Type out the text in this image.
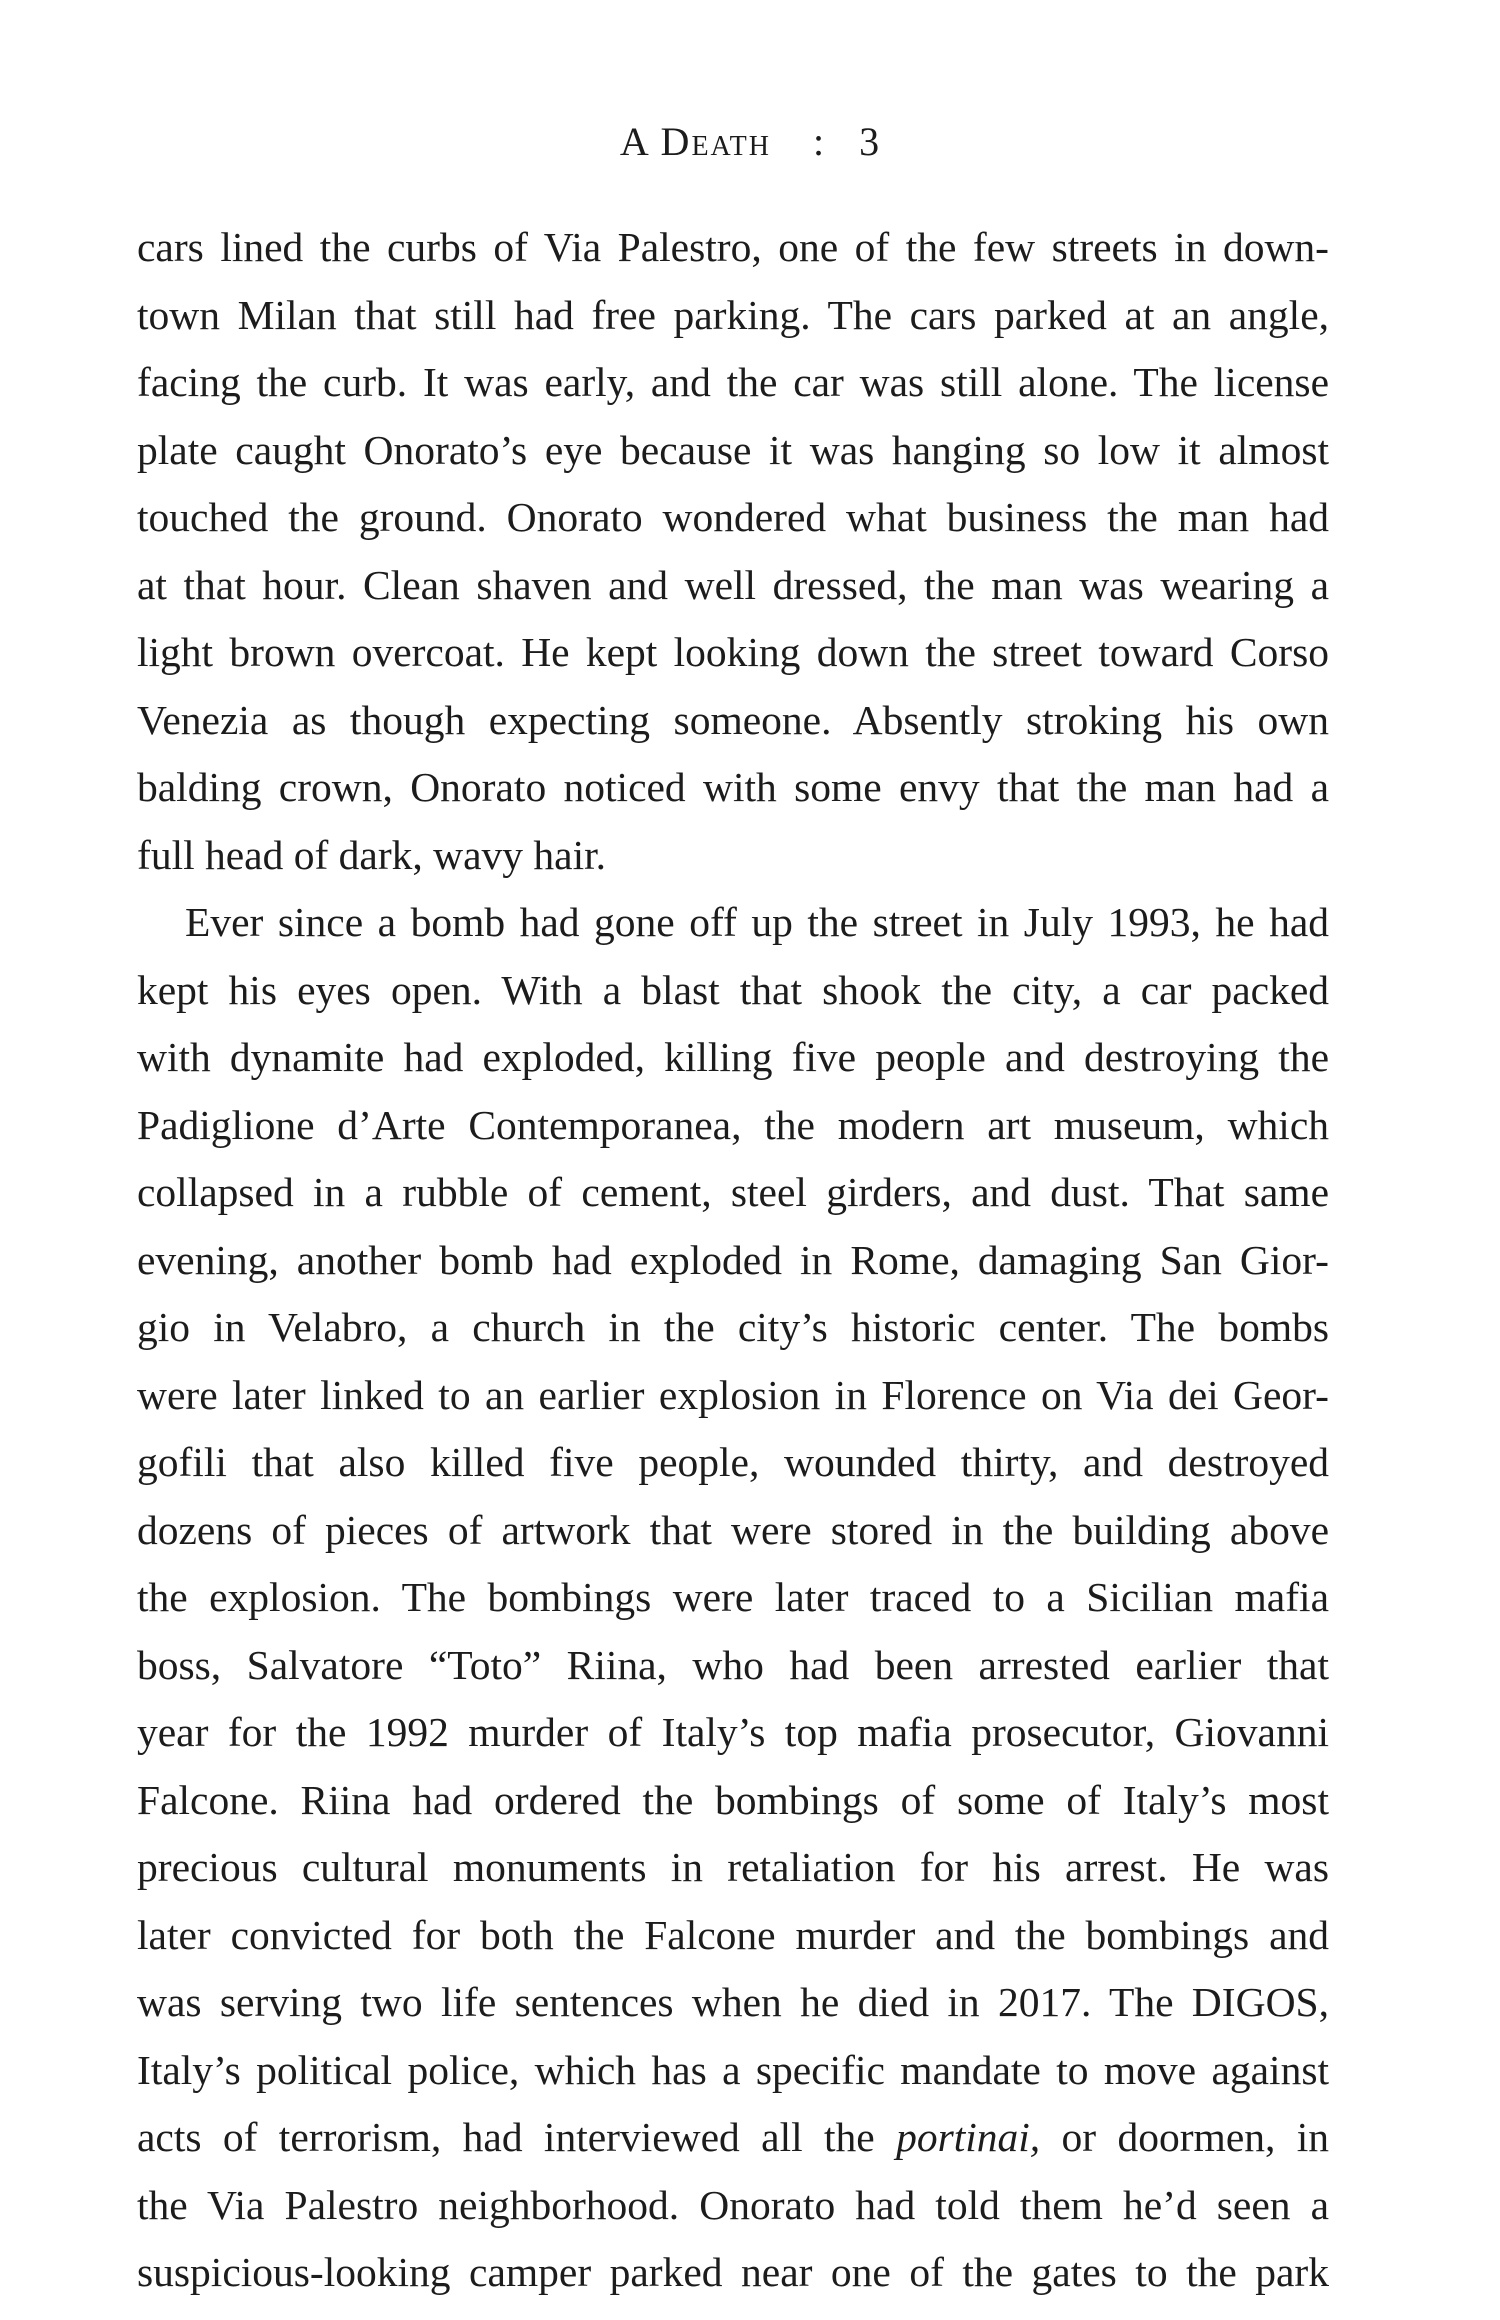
A Death : 3
cars lined the curbs of Via Palestro, one of the few streets in down-
town Milan that still had free parking. The cars parked at an angle,
facing the curb. It was early, and the car was still alone. The license
plate caught Onorato’s eye because it was hanging so low it almost
touched the ground. Onorato wondered what business the man had
at that hour. Clean shaven and well dressed, the man was wearing a
light brown overcoat. He kept looking down the street toward Corso
Venezia as though expecting someone. Absently stroking his own
balding crown, Onorato noticed with some envy that the man had a
full head of dark, wavy hair.
Ever since a bomb had gone off up the street in July 1993, he had
kept his eyes open. With a blast that shook the city, a car packed
with dynamite had exploded, killing five people and destroying the
Padiglione d’Arte Contemporanea, the modern art museum, which
collapsed in a rubble of cement, steel girders, and dust. That same
evening, another bomb had exploded in Rome, damaging San Gior-
gio in Velabro, a church in the city’s historic center. The bombs
were later linked to an earlier explosion in Florence on Via dei Geor-
gofili that also killed five people, wounded thirty, and destroyed
dozens of pieces of artwork that were stored in the building above
the explosion. The bombings were later traced to a Sicilian mafia
boss, Salvatore “Toto” Riina, who had been arrested earlier that
year for the 1992 murder of Italy’s top mafia prosecutor, Giovanni
Falcone. Riina had ordered the bombings of some of Italy’s most
precious cultural monuments in retaliation for his arrest. He was
later convicted for both the Falcone murder and the bombings and
was serving two life sentences when he died in 2017. The DIGOS,
Italy’s political police, which has a specific mandate to move against
acts of terrorism, had interviewed all the portinai, or doormen, in
the Via Palestro neighborhood. Onorato had told them he’d seen a
suspicious-looking camper parked near one of the gates to the park
